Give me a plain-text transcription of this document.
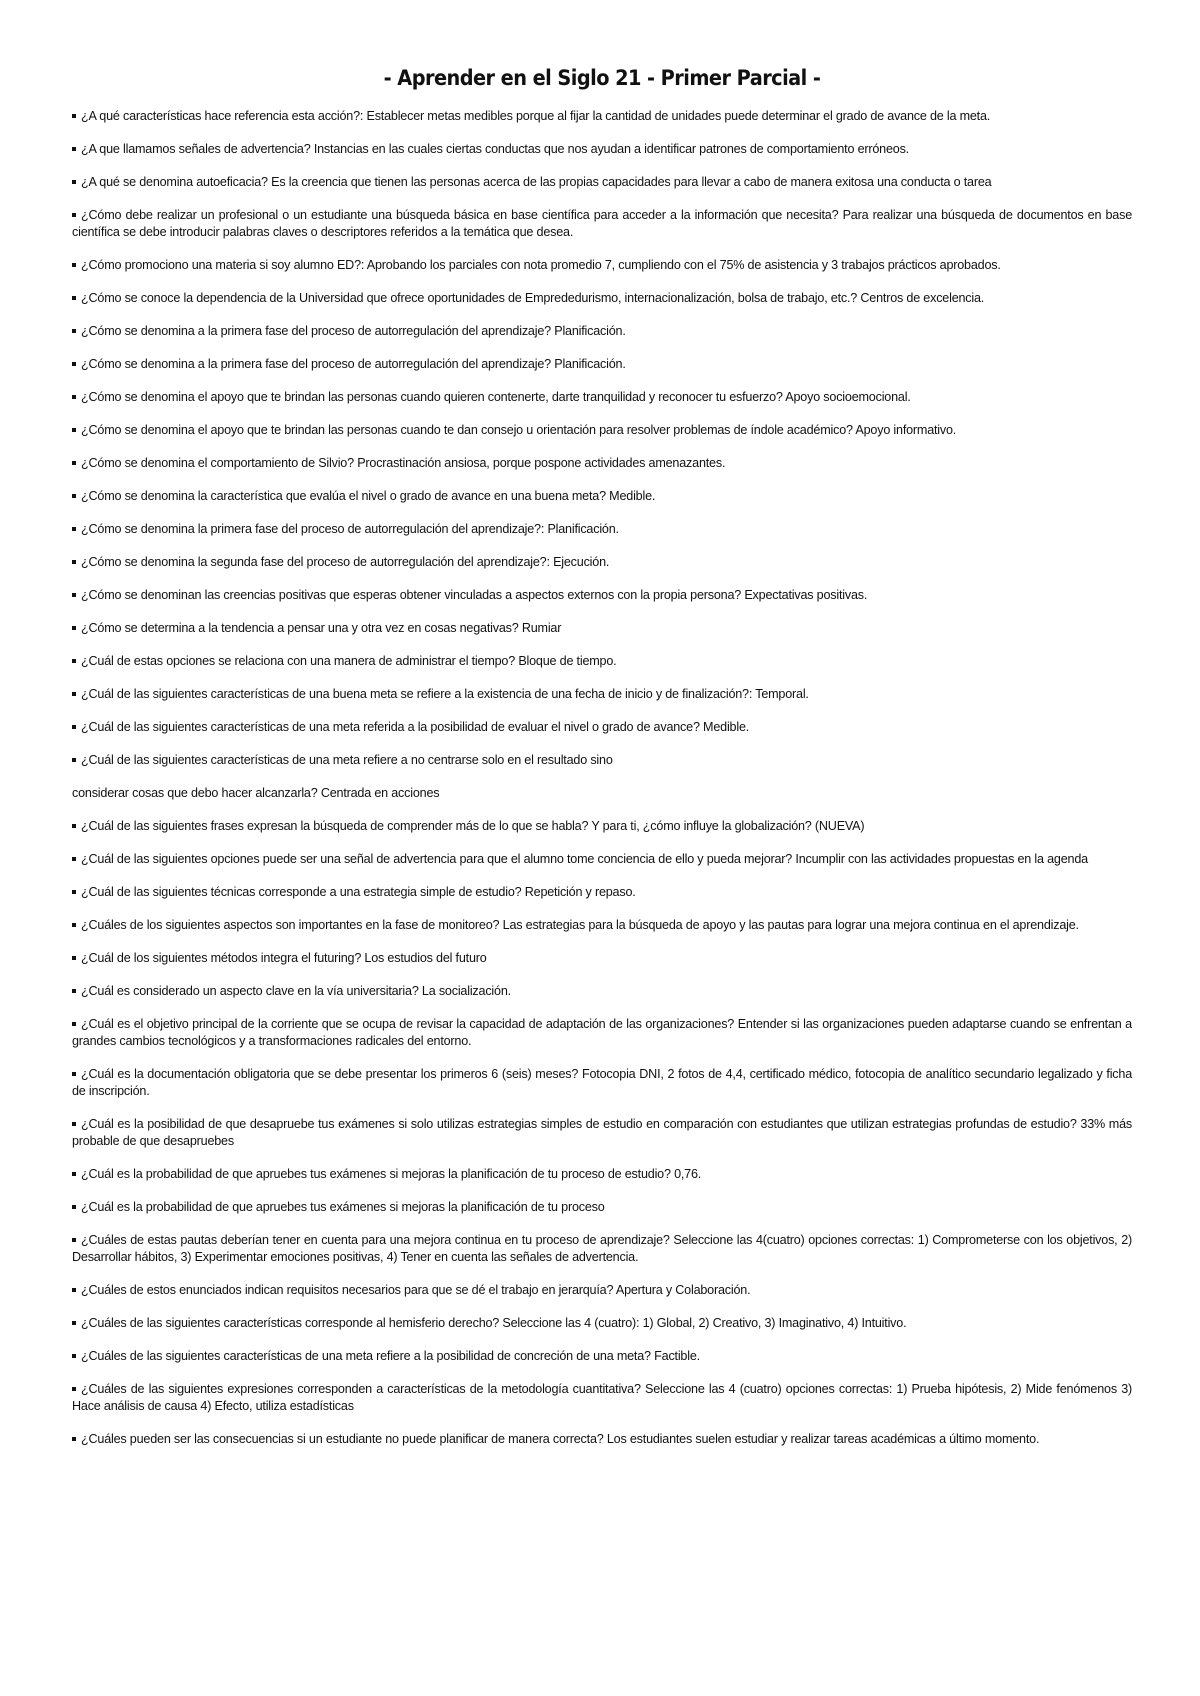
- Aprender en el Siglo 21 - Primer Parcial -

¿A qué características hace referencia esta acción?: Establecer metas medibles porque al fijar la cantidad de unidades puede determinar el grado de avance de la meta.

¿A que llamamos señales de advertencia? Instancias en las cuales ciertas conductas que nos ayudan a identificar patrones de comportamiento erróneos.

¿A qué se denomina autoeficacia? Es la creencia que tienen las personas acerca de las propias capacidades para llevar a cabo de manera exitosa una conducta o tarea

¿Cómo debe realizar un profesional o un estudiante una búsqueda básica en base científica para acceder a la información que necesita? Para realizar una búsqueda de documentos en base científica se debe introducir palabras claves o descriptores referidos a la temática que desea.

¿Cómo promociono una materia si soy alumno ED?: Aprobando los parciales con nota promedio 7, cumpliendo con el 75% de asistencia y 3 trabajos prácticos aprobados.

¿Cómo se conoce la dependencia de la Universidad que ofrece oportunidades de Emprededurismo, internacionalización, bolsa de trabajo, etc.? Centros de excelencia.

¿Cómo se denomina a la primera fase del proceso de autorregulación del aprendizaje? Planificación.

¿Cómo se denomina a la primera fase del proceso de autorregulación del aprendizaje? Planificación.

¿Cómo se denomina el apoyo que te brindan las personas cuando quieren contenerte, darte tranquilidad y reconocer tu esfuerzo? Apoyo socioemocional.

¿Cómo se denomina el apoyo que te brindan las personas cuando te dan consejo u orientación para resolver problemas de índole académico? Apoyo informativo.

¿Cómo se denomina el comportamiento de Silvio? Procrastinación ansiosa, porque pospone actividades amenazantes.

¿Cómo se denomina la característica que evalúa el nivel o grado de avance en una buena meta? Medible.

¿Cómo se denomina la primera fase del proceso de autorregulación del aprendizaje?: Planificación.

¿Cómo se denomina la segunda fase del proceso de autorregulación del aprendizaje?: Ejecución.

¿Cómo se denominan las creencias positivas que esperas obtener vinculadas a aspectos externos con la propia persona? Expectativas positivas.

¿Cómo se determina a la tendencia a pensar una y otra vez en cosas negativas? Rumiar

¿Cuál de estas opciones se relaciona con una manera de administrar el tiempo? Bloque de tiempo.

¿Cuál de las siguientes características de una buena meta se refiere a la existencia de una fecha de inicio y de finalización?: Temporal.

¿Cuál de las siguientes características de una meta referida a la posibilidad de evaluar el nivel o grado de avance? Medible.

¿Cuál de las siguientes características de una meta refiere a no centrarse solo en el resultado sino

considerar cosas que debo hacer alcanzarla? Centrada en acciones

¿Cuál de las siguientes frases expresan la búsqueda de comprender más de lo que se habla? Y para ti, ¿cómo influye la globalización? (NUEVA)

¿Cuál de las siguientes opciones puede ser una señal de advertencia para que el alumno tome conciencia de ello y pueda mejorar? Incumplir con las actividades propuestas en la agenda

¿Cuál de las siguientes técnicas corresponde a una estrategia simple de estudio? Repetición y repaso.

¿Cuáles de los siguientes aspectos son importantes en la fase de monitoreo? Las estrategias para la búsqueda de apoyo y las pautas para lograr una mejora continua en el aprendizaje.

¿Cuál de los siguientes métodos integra el futuring? Los estudios del futuro

¿Cuál es considerado un aspecto clave en la vía universitaria? La socialización.

¿Cuál es el objetivo principal de la corriente que se ocupa de revisar la capacidad de adaptación de las organizaciones? Entender si las organizaciones pueden adaptarse cuando se enfrentan a grandes cambios tecnológicos y a transformaciones radicales del entorno.

¿Cuál es la documentación obligatoria que se debe presentar los primeros 6 (seis) meses? Fotocopia DNI, 2 fotos de 4,4, certificado médico, fotocopia de analítico secundario legalizado y ficha de inscripción.

¿Cuál es la posibilidad de que desapruebe tus exámenes si solo utilizas estrategias simples de estudio en comparación con estudiantes que utilizan estrategias profundas de estudio? 33% más probable de que desapruebes

¿Cuál es la probabilidad de que apruebes tus exámenes si mejoras la planificación de tu proceso de estudio? 0,76.

¿Cuál es la probabilidad de que apruebes tus exámenes si mejoras la planificación de tu proceso

¿Cuáles de estas pautas deberían tener en cuenta para una mejora continua en tu proceso de aprendizaje? Seleccione las 4(cuatro) opciones correctas: 1) Comprometerse con los objetivos, 2) Desarrollar hábitos, 3) Experimentar emociones positivas, 4) Tener en cuenta las señales de advertencia.

¿Cuáles de estos enunciados indican requisitos necesarios para que se dé el trabajo en jerarquía? Apertura y Colaboración.

¿Cuáles de las siguientes características corresponde al hemisferio derecho? Seleccione las 4 (cuatro): 1) Global, 2) Creativo, 3) Imaginativo, 4) Intuitivo.

¿Cuáles de las siguientes características de una meta refiere a la posibilidad de concreción de una meta? Factible.

¿Cuáles de las siguientes expresiones corresponden a características de la metodología cuantitativa? Seleccione las 4 (cuatro) opciones correctas: 1) Prueba hipótesis, 2) Mide fenómenos 3) Hace análisis de causa 4) Efecto, utiliza estadísticas

¿Cuáles pueden ser las consecuencias si un estudiante no puede planificar de manera correcta? Los estudiantes suelen estudiar y realizar tareas académicas a último momento.
